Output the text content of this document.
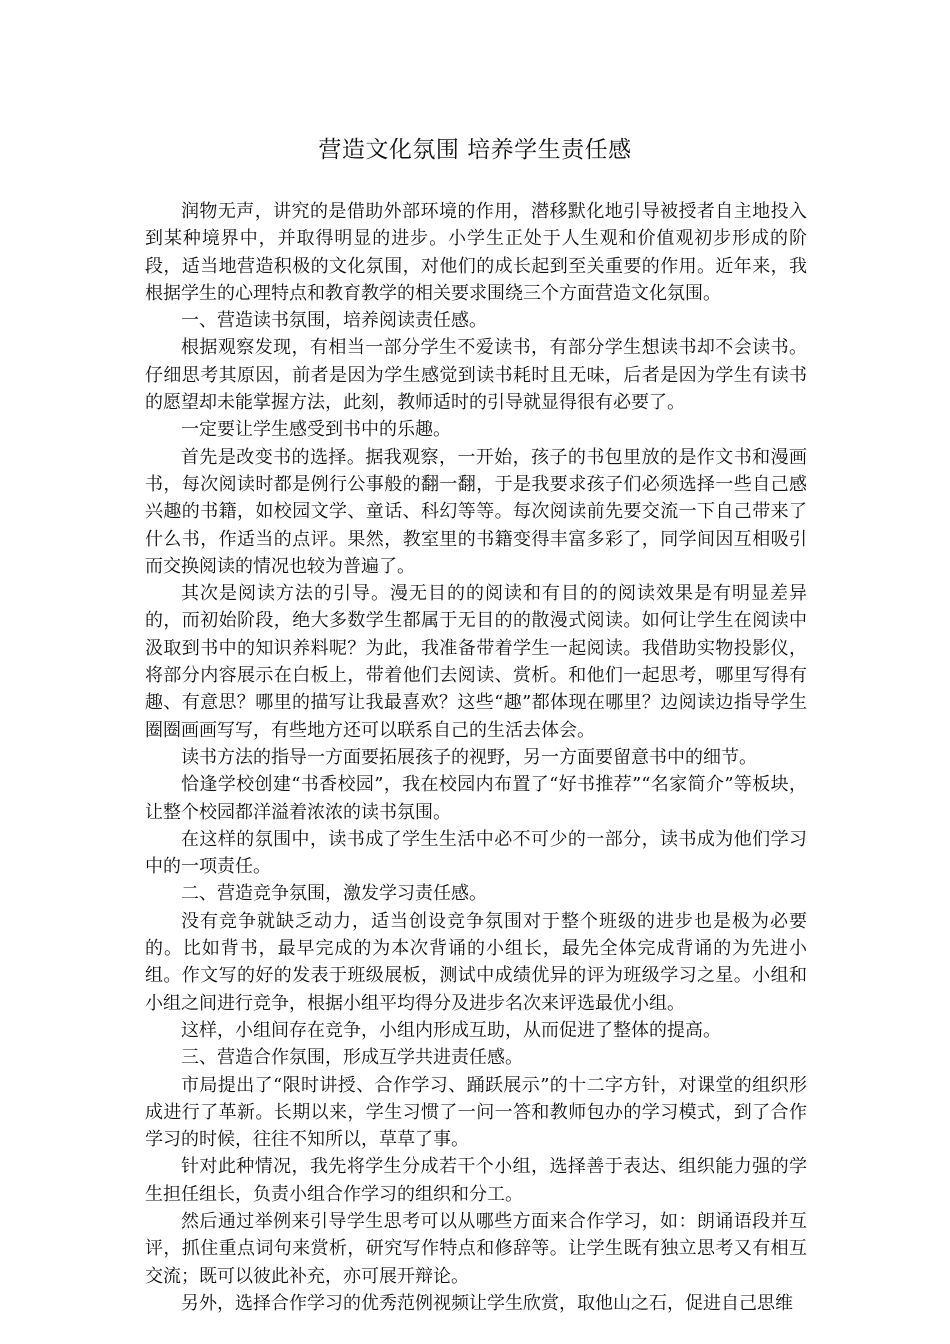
营造文化氛围 培养学生责任感

润物无声，讲究的是借助外部环境的作用，潜移默化地引导被授者自主地投入到某种境界中，并取得明显的进步。小学生正处于人生观和价值观初步形成的阶段，适当地营造积极的文化氛围，对他们的成长起到至关重要的作用。近年来，我根据学生的心理特点和教育教学的相关要求围绕三个方面营造文化氛围。

一、营造读书氛围，培养阅读责任感。

根据观察发现，有相当一部分学生不爱读书，有部分学生想读书却不会读书。仔细思考其原因，前者是因为学生感觉到读书耗时且无味，后者是因为学生有读书的愿望却未能掌握方法，此刻，教师适时的引导就显得很有必要了。

一定要让学生感受到书中的乐趣。

首先是改变书的选择。据我观察，一开始，孩子的书包里放的是作文书和漫画书，每次阅读时都是例行公事般的翻一翻，于是我要求孩子们必须选择一些自己感兴趣的书籍，如校园文学、童话、科幻等等。每次阅读前先要交流一下自己带来了什么书，作适当的点评。果然，教室里的书籍变得丰富多彩了，同学间因互相吸引而交换阅读的情况也较为普遍了。

其次是阅读方法的引导。漫无目的的阅读和有目的的阅读效果是有明显差异的，而初始阶段，绝大多数学生都属于无目的的散漫式阅读。如何让学生在阅读中汲取到书中的知识养料呢？为此，我准备带着学生一起阅读。我借助实物投影仪，将部分内容展示在白板上，带着他们去阅读、赏析。和他们一起思考，哪里写得有趣、有意思？哪里的描写让我最喜欢？这些“趣”都体现在哪里？边阅读边指导学生圈圈画画写写，有些地方还可以联系自己的生活去体会。

读书方法的指导一方面要拓展孩子的视野，另一方面要留意书中的细节。

恰逢学校创建“书香校园”，我在校园内布置了“好书推荐”“名家简介”等板块，让整个校园都洋溢着浓浓的读书氛围。

在这样的氛围中，读书成了学生生活中必不可少的一部分，读书成为他们学习中的一项责任。

二、营造竞争氛围，激发学习责任感。

没有竞争就缺乏动力，适当创设竞争氛围对于整个班级的进步也是极为必要的。比如背书，最早完成的为本次背诵的小组长，最先全体完成背诵的为先进小组。作文写的好的发表于班级展板，测试中成绩优异的评为班级学习之星。小组和小组之间进行竞争，根据小组平均得分及进步名次来评选最优小组。

这样，小组间存在竞争，小组内形成互助，从而促进了整体的提高。

三、营造合作氛围，形成互学共进责任感。

市局提出了“限时讲授、合作学习、踊跃展示”的十二字方针，对课堂的组织形成进行了革新。长期以来，学生习惯了一问一答和教师包办的学习模式，到了合作学习的时候，往往不知所以，草草了事。

针对此种情况，我先将学生分成若干个小组，选择善于表达、组织能力强的学生担任组长，负责小组合作学习的组织和分工。

然后通过举例来引导学生思考可以从哪些方面来合作学习，如：朗诵语段并互评，抓住重点词句来赏析，研究写作特点和修辞等。让学生既有独立思考又有相互交流；既可以彼此补充，亦可展开辩论。

另外，选择合作学习的优秀范例视频让学生欣赏，取他山之石，促进自己思维
